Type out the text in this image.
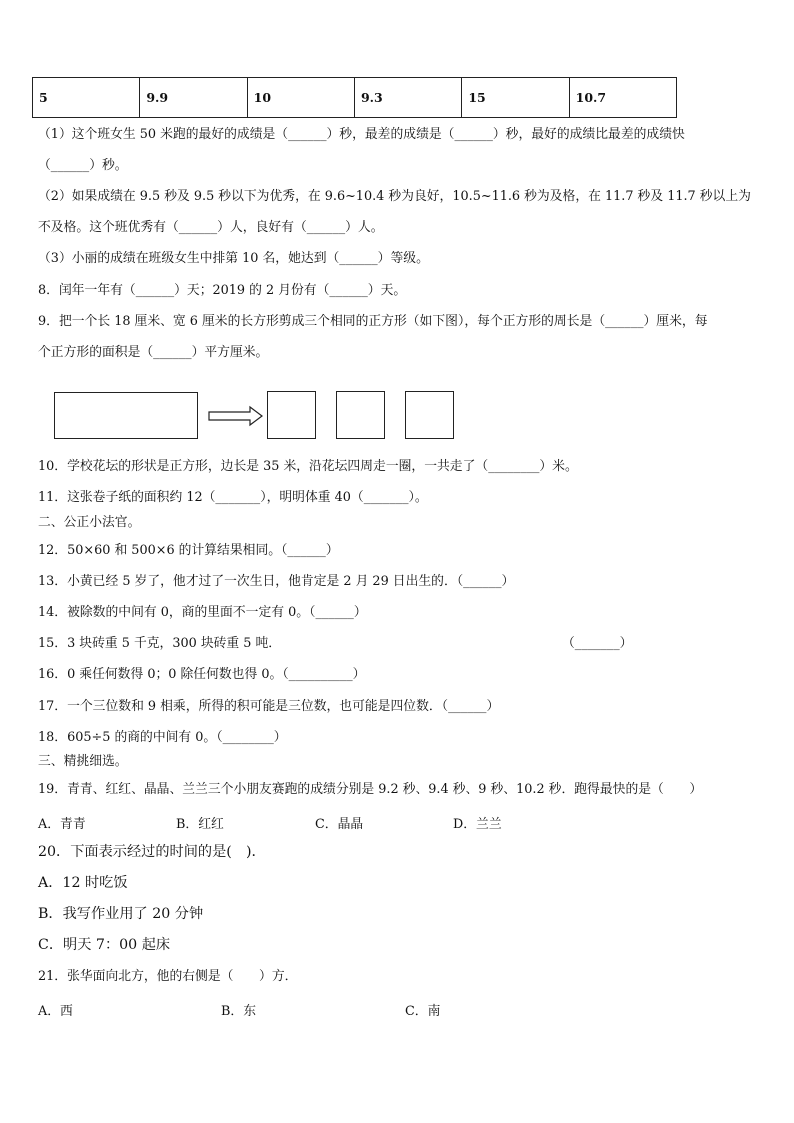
5	9.9	10	9.3	15	10.7
（1）这个班女生 50 米跑的最好的成绩是（______）秒，最差的成绩是（______）秒，最好的成绩比最差的成绩快
（______）秒。
（2）如果成绩在 9.5 秒及 9.5 秒以下为优秀，在 9.6~10.4 秒为良好，10.5~11.6 秒为及格，在 11.7 秒及 11.7 秒以上为
不及格。这个班优秀有（______）人，良好有（______）人。
（3）小丽的成绩在班级女生中排第 10 名，她达到（______）等级。
8．闰年一年有（______）天；2019 的 2 月份有（______）天。
9．把一个长 18 厘米、宽 6 厘米的长方形剪成三个相同的正方形（如下图），每个正方形的周长是（______）厘米，每
个正方形的面积是（______）平方厘米。
10．学校花坛的形状是正方形，边长是 35 米，沿花坛四周走一圈，一共走了（________）米。
11．这张卷子纸的面积约 12（_______），明明体重 40（_______）。
二、公正小法官。
12．50×60 和 500×6 的计算结果相同。（______）
13．小黄已经 5 岁了，他才过了一次生日，他肯定是 2 月 29 日出生的．（______）
14．被除数的中间有 0，商的里面不一定有 0。（______）
15．3 块砖重 5 千克，300 块砖重 5 吨．	（_______）
16．0 乘任何数得 0；0 除任何数也得 0。（__________）
17．一个三位数和 9 相乘，所得的积可能是三位数，也可能是四位数．（______）
18．605÷5 的商的中间有 0。（________）
三、精挑细选。
19．青青、红红、晶晶、兰兰三个小朋友赛跑的成绩分别是 9.2 秒、9.4 秒、9 秒、10.2 秒．跑得最快的是（　　）
A．青青	B．红红	C．晶晶	D．兰兰
20．下面表示经过的时间的是(　)．
A．12 时吃饭
B．我写作业用了 20 分钟
C．明天 7：00 起床
21．张华面向北方，他的右侧是（　　）方．
A．西	B．东	C．南
